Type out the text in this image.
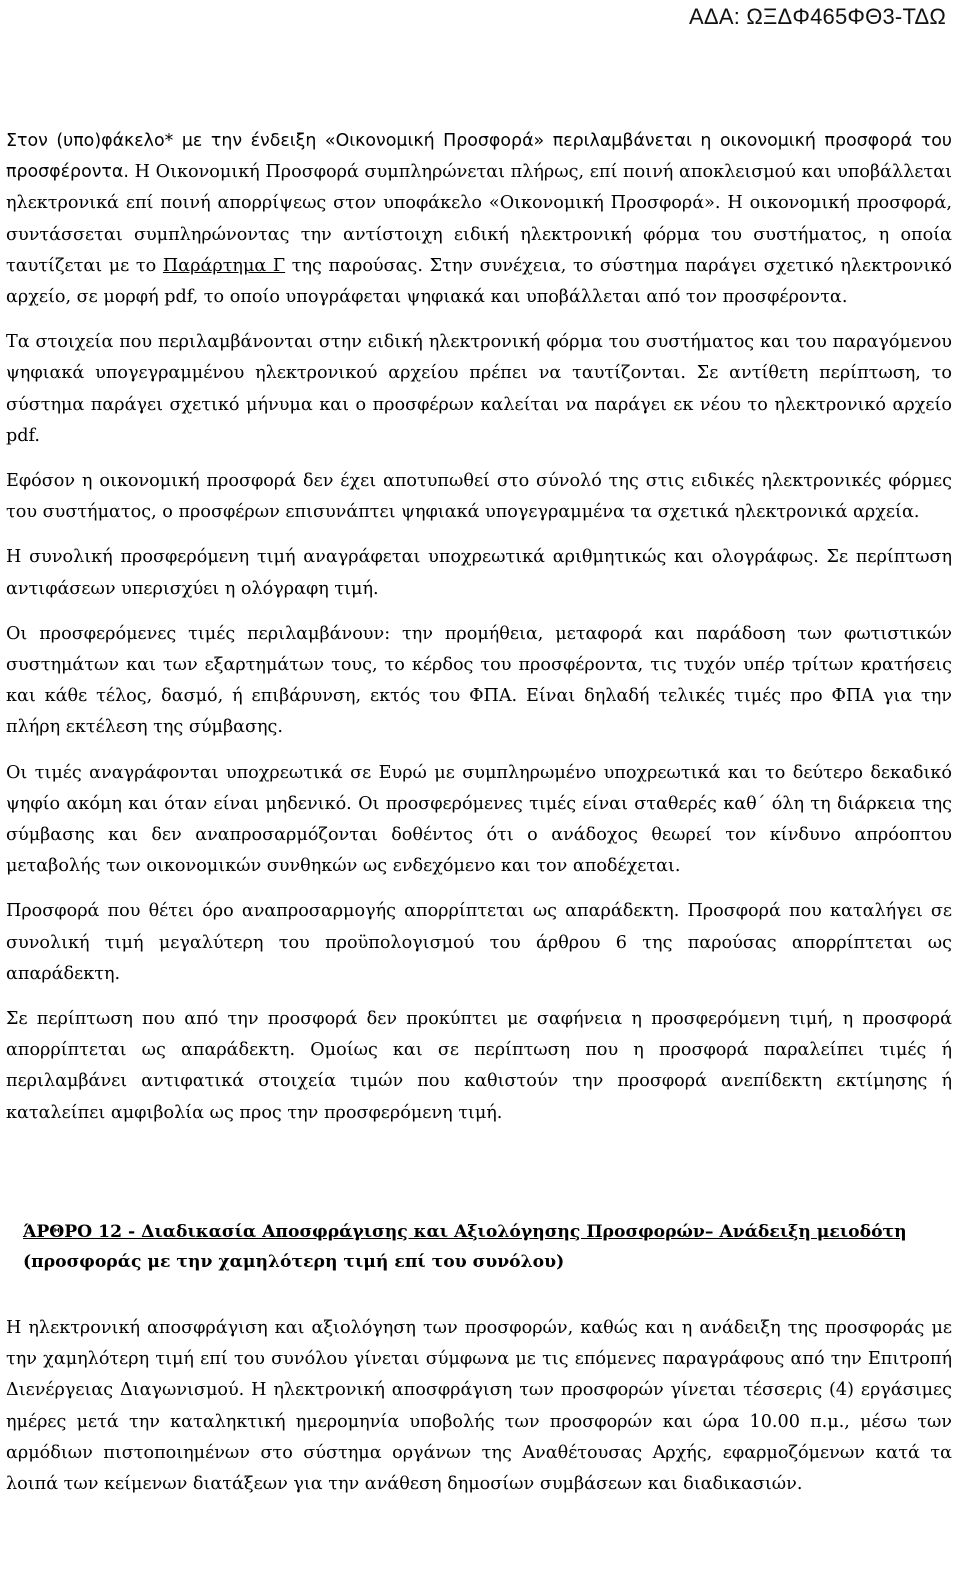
ΑΔΑ: ΩΞΔΦ465ΦΘ3-ΤΔΩ

Στον (υπο)φάκελο* με την ένδειξη «Οικονομική Προσφορά» περιλαμβάνεται η οικονομική προσφορά του προσφέροντα. Η Οικονομική Προσφορά συμπληρώνεται πλήρως, επί ποινή αποκλεισμού και υποβάλλεται ηλεκτρονικά επί ποινή απορρίψεως στον υποφάκελο «Οικονομική Προσφορά». Η οικονομική προσφορά, συντάσσεται συμπληρώνοντας την αντίστοιχη ειδική ηλεκτρονική φόρμα του συστήματος, η οποία ταυτίζεται με το Παράρτημα Γ της παρούσας. Στην συνέχεια, το σύστημα παράγει σχετικό ηλεκτρονικό αρχείο, σε μορφή pdf, το οποίο υπογράφεται ψηφιακά και υποβάλλεται από τον προσφέροντα.

Τα στοιχεία που περιλαμβάνονται στην ειδική ηλεκτρονική φόρμα του συστήματος και του παραγόμενου ψηφιακά υπογεγραμμένου ηλεκτρονικού αρχείου πρέπει να ταυτίζονται. Σε αντίθετη περίπτωση, το σύστημα παράγει σχετικό μήνυμα και ο προσφέρων καλείται να παράγει εκ νέου το ηλεκτρονικό αρχείο pdf.

Εφόσον η οικονομική προσφορά δεν έχει αποτυπωθεί στο σύνολό της στις ειδικές ηλεκτρονικές φόρμες του συστήματος, ο προσφέρων επισυνάπτει ψηφιακά υπογεγραμμένα τα σχετικά ηλεκτρονικά αρχεία.

Η συνολική προσφερόμενη τιμή αναγράφεται υποχρεωτικά αριθμητικώς και ολογράφως. Σε περίπτωση αντιφάσεων υπερισχύει η ολόγραφη τιμή.

Οι προσφερόμενες τιμές περιλαμβάνουν: την προμήθεια, μεταφορά και παράδοση των φωτιστικών συστημάτων και των εξαρτημάτων τους, το κέρδος του προσφέροντα, τις τυχόν υπέρ τρίτων κρατήσεις και κάθε τέλος, δασμό, ή επιβάρυνση, εκτός του ΦΠΑ. Είναι δηλαδή τελικές τιμές προ ΦΠΑ για την πλήρη εκτέλεση της σύμβασης.

Οι τιμές αναγράφονται υποχρεωτικά σε Ευρώ με συμπληρωμένο υποχρεωτικά και το δεύτερο δεκαδικό ψηφίο ακόμη και όταν είναι μηδενικό. Οι προσφερόμενες τιμές είναι σταθερές καθ΄ όλη τη διάρκεια της σύμβασης και δεν αναπροσαρμόζονται δοθέντος ότι ο ανάδοχος θεωρεί τον κίνδυνο απρόοπτου μεταβολής των οικονομικών συνθηκών ως ενδεχόμενο και τον αποδέχεται.

Προσφορά που θέτει όρο αναπροσαρμογής απορρίπτεται ως απαράδεκτη. Προσφορά που καταλήγει σε συνολική τιμή μεγαλύτερη του προϋπολογισμού του άρθρου 6 της παρούσας απορρίπτεται ως απαράδεκτη.

Σε περίπτωση που από την προσφορά δεν προκύπτει με σαφήνεια η προσφερόμενη τιμή, η προσφορά απορρίπτεται ως απαράδεκτη. Ομοίως και σε περίπτωση που η προσφορά παραλείπει τιμές ή περιλαμβάνει αντιφατικά στοιχεία τιμών που καθιστούν την προσφορά ανεπίδεκτη εκτίμησης ή καταλείπει αμφιβολία ως προς την προσφερόμενη τιμή.

ΆΡΘΡΟ 12 - Διαδικασία Αποσφράγισης και Αξιολόγησης Προσφορών– Ανάδειξη μειοδότη (προσφοράς με την χαμηλότερη τιμή επί του συνόλου)

Η ηλεκτρονική αποσφράγιση και αξιολόγηση των προσφορών, καθώς και η ανάδειξη της προσφοράς με την χαμηλότερη τιμή επί του συνόλου γίνεται σύμφωνα με τις επόμενες παραγράφους από την Επιτροπή Διενέργειας Διαγωνισμού. Η ηλεκτρονική αποσφράγιση των προσφορών γίνεται τέσσερις (4) εργάσιμες ημέρες μετά την καταληκτική ημερομηνία υποβολής των προσφορών και ώρα 10.00 π.μ., μέσω των αρμόδιων πιστοποιημένων στο σύστημα οργάνων της Αναθέτουσας Αρχής, εφαρμοζόμενων κατά τα λοιπά των κείμενων διατάξεων για την ανάθεση δημοσίων συμβάσεων και διαδικασιών.
